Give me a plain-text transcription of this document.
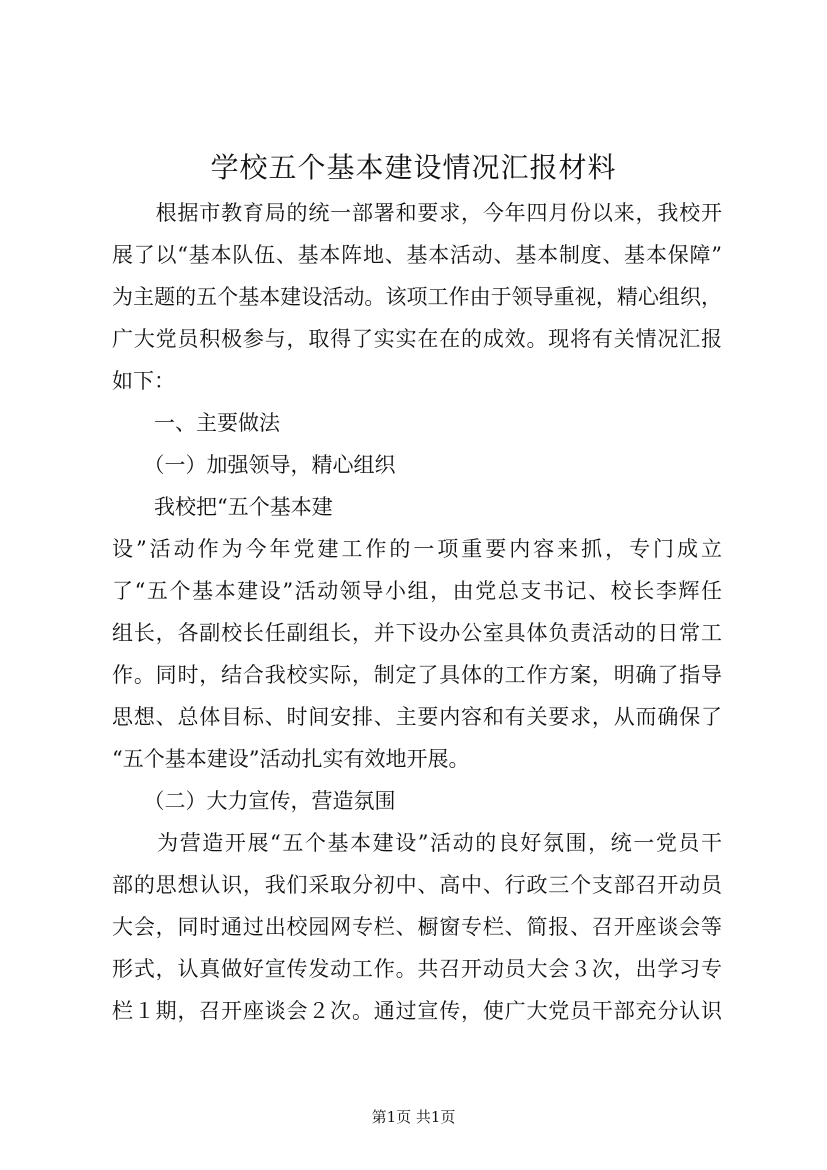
学校五个基本建设情况汇报材料
　　根据市教育局的统一部署和要求，今年四月份以来，我校开
展了以“基本队伍、基本阵地、基本活动、基本制度、基本保障”
为主题的五个基本建设活动。该项工作由于领导重视，精心组织，
广大党员积极参与，取得了实实在在的成效。现将有关情况汇报
如下：
　　一、主要做法
　　（一）加强领导，精心组织
　　我校把“五个基本建
设”活动作为今年党建工作的一项重要内容来抓，专门成立
了“五个基本建设”活动领导小组，由党总支书记、校长李辉任
组长，各副校长任副组长，并下设办公室具体负责活动的日常工
作。同时，结合我校实际，制定了具体的工作方案，明确了指导
思想、总体目标、时间安排、主要内容和有关要求，从而确保了
“五个基本建设”活动扎实有效地开展。
　　（二）大力宣传，营造氛围
　　为营造开展“五个基本建设”活动的良好氛围，统一党员干
部的思想认识，我们采取分初中、高中、行政三个支部召开动员
大会，同时通过出校园网专栏、橱窗专栏、简报、召开座谈会等
形式，认真做好宣传发动工作。共召开动员大会３次，出学习专
栏１期，召开座谈会２次。通过宣传，使广大党员干部充分认识
第1页 共1页
